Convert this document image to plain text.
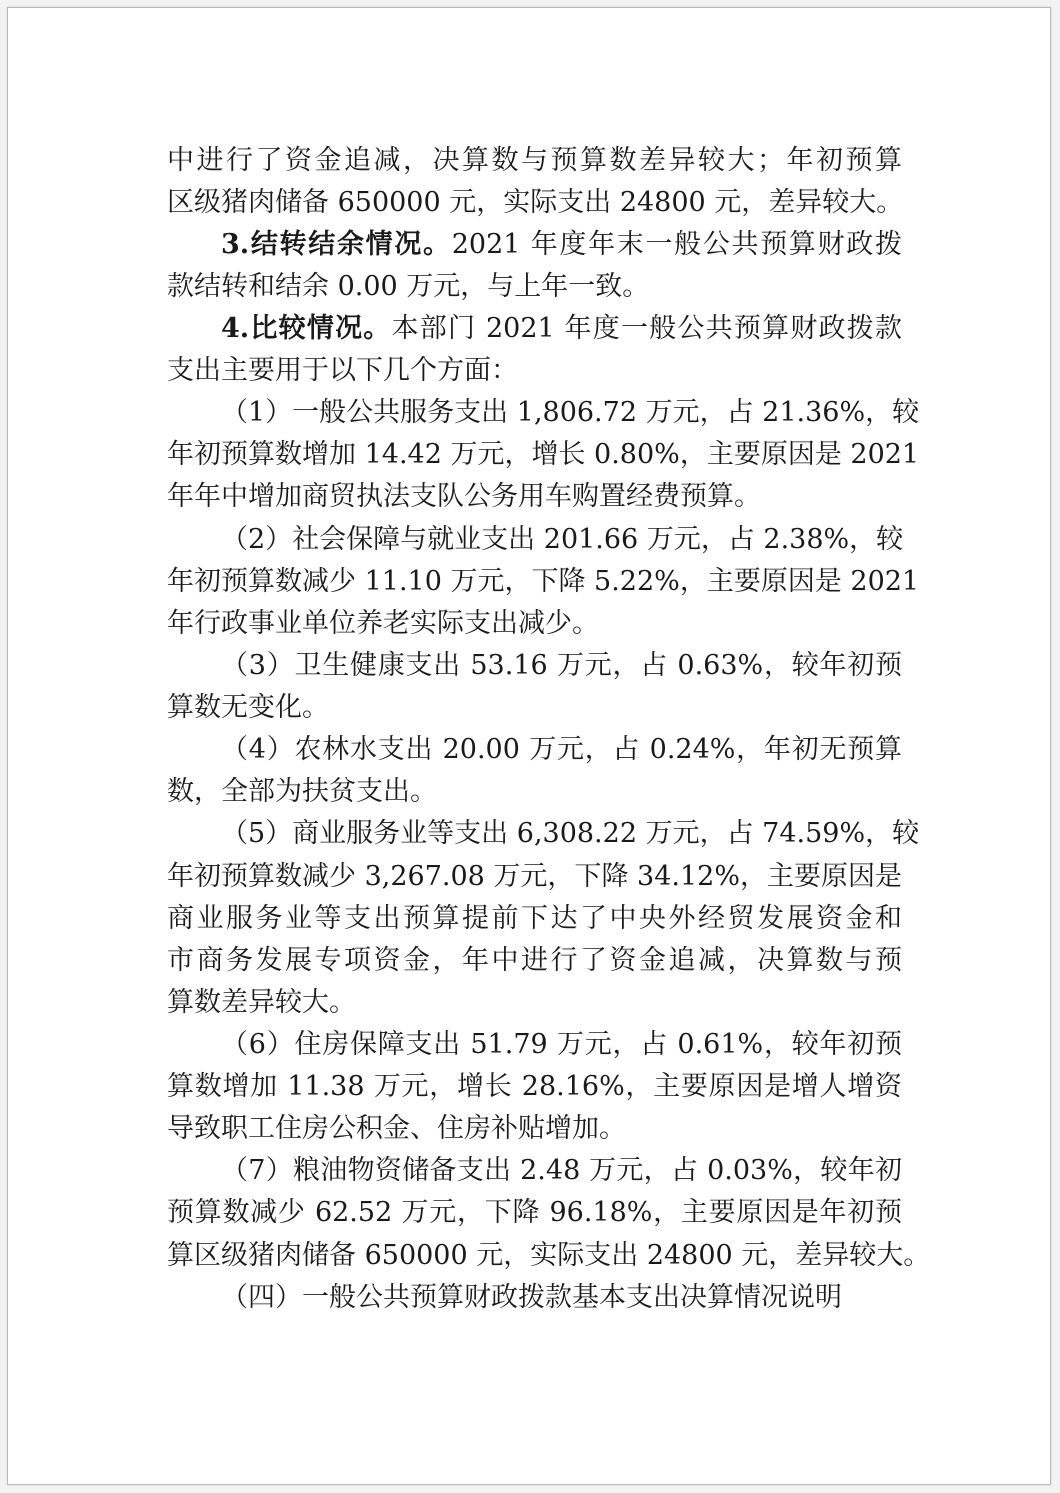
中进行了资金追减，决算数与预算数差异较大；年初预算
区级猪肉储备 650000 元，实际支出 24800 元，差异较大。
3.结转结余情况。2021 年度年末一般公共预算财政拨
款结转和结余 0.00 万元，与上年一致。
4.比较情况。本部门 2021 年度一般公共预算财政拨款
支出主要用于以下几个方面：
（1）一般公共服务支出 1,806.72 万元，占 21.36%，较
年初预算数增加 14.42 万元，增长 0.80%，主要原因是 2021
年年中增加商贸执法支队公务用车购置经费预算。
（2）社会保障与就业支出 201.66 万元，占 2.38%，较
年初预算数减少 11.10 万元，下降 5.22%，主要原因是 2021
年行政事业单位养老实际支出减少。
（3）卫生健康支出 53.16 万元，占 0.63%，较年初预
算数无变化。
（4）农林水支出 20.00 万元，占 0.24%，年初无预算
数，全部为扶贫支出。
（5）商业服务业等支出 6,308.22 万元，占 74.59%，较
年初预算数减少 3,267.08 万元，下降 34.12%，主要原因是
商业服务业等支出预算提前下达了中央外经贸发展资金和
市商务发展专项资金，年中进行了资金追减，决算数与预
算数差异较大。
（6）住房保障支出 51.79 万元，占 0.61%，较年初预
算数增加 11.38 万元，增长 28.16%，主要原因是增人增资
导致职工住房公积金、住房补贴增加。
（7）粮油物资储备支出 2.48 万元，占 0.03%，较年初
预算数减少 62.52 万元，下降 96.18%，主要原因是年初预
算区级猪肉储备 650000 元，实际支出 24800 元，差异较大。
（四）一般公共预算财政拨款基本支出决算情况说明
